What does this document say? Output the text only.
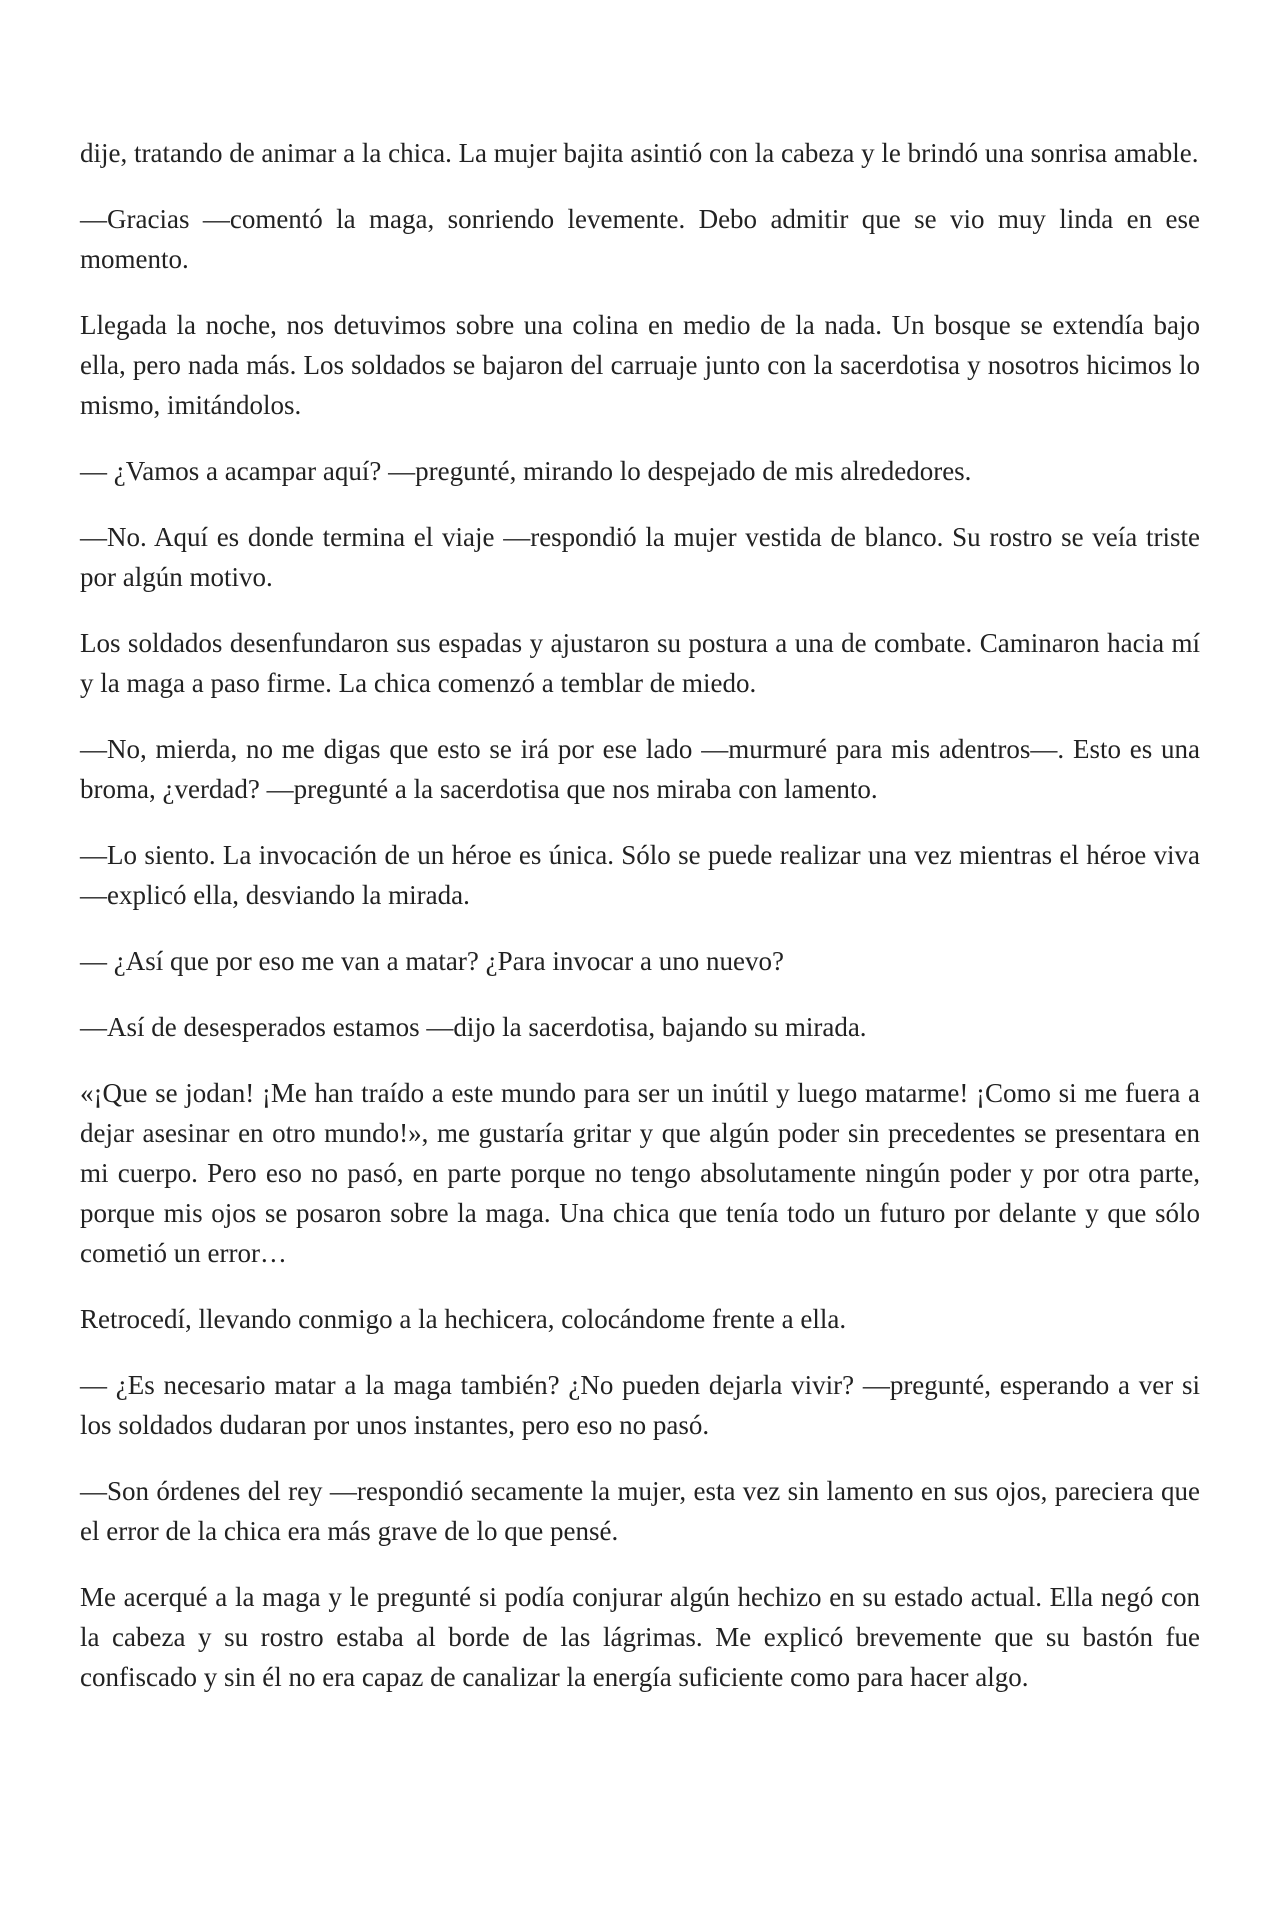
dije, tratando de animar a la chica. La mujer bajita asintió con la cabeza y le brindó una sonrisa amable.

—Gracias —comentó la maga, sonriendo levemente. Debo admitir que se vio muy linda en ese momento.

Llegada la noche, nos detuvimos sobre una colina en medio de la nada. Un bosque se extendía bajo ella, pero nada más. Los soldados se bajaron del carruaje junto con la sacerdotisa y nosotros hicimos lo mismo, imitándolos.

— ¿Vamos a acampar aquí? —pregunté, mirando lo despejado de mis alrededores.

—No. Aquí es donde termina el viaje —respondió la mujer vestida de blanco. Su rostro se veía triste por algún motivo.

Los soldados desenfundaron sus espadas y ajustaron su postura a una de combate. Caminaron hacia mí y la maga a paso firme. La chica comenzó a temblar de miedo.

—No, mierda, no me digas que esto se irá por ese lado —murmuré para mis adentros—. Esto es una broma, ¿verdad? —pregunté a la sacerdotisa que nos miraba con lamento.

—Lo siento. La invocación de un héroe es única. Sólo se puede realizar una vez mientras el héroe viva —explicó ella, desviando la mirada.

— ¿Así que por eso me van a matar? ¿Para invocar a uno nuevo?

—Así de desesperados estamos —dijo la sacerdotisa, bajando su mirada.

«¡Que se jodan! ¡Me han traído a este mundo para ser un inútil y luego matarme! ¡Como si me fuera a dejar asesinar en otro mundo!», me gustaría gritar y que algún poder sin precedentes se presentara en mi cuerpo. Pero eso no pasó, en parte porque no tengo absolutamente ningún poder y por otra parte, porque mis ojos se posaron sobre la maga. Una chica que tenía todo un futuro por delante y que sólo cometió un error…

Retrocedí, llevando conmigo a la hechicera, colocándome frente a ella.

— ¿Es necesario matar a la maga también? ¿No pueden dejarla vivir? —pregunté, esperando a ver si los soldados dudaran por unos instantes, pero eso no pasó.

—Son órdenes del rey —respondió secamente la mujer, esta vez sin lamento en sus ojos, pareciera que el error de la chica era más grave de lo que pensé.

Me acerqué a la maga y le pregunté si podía conjurar algún hechizo en su estado actual. Ella negó con la cabeza y su rostro estaba al borde de las lágrimas. Me explicó brevemente que su bastón fue confiscado y sin él no era capaz de canalizar la energía suficiente como para hacer algo.
